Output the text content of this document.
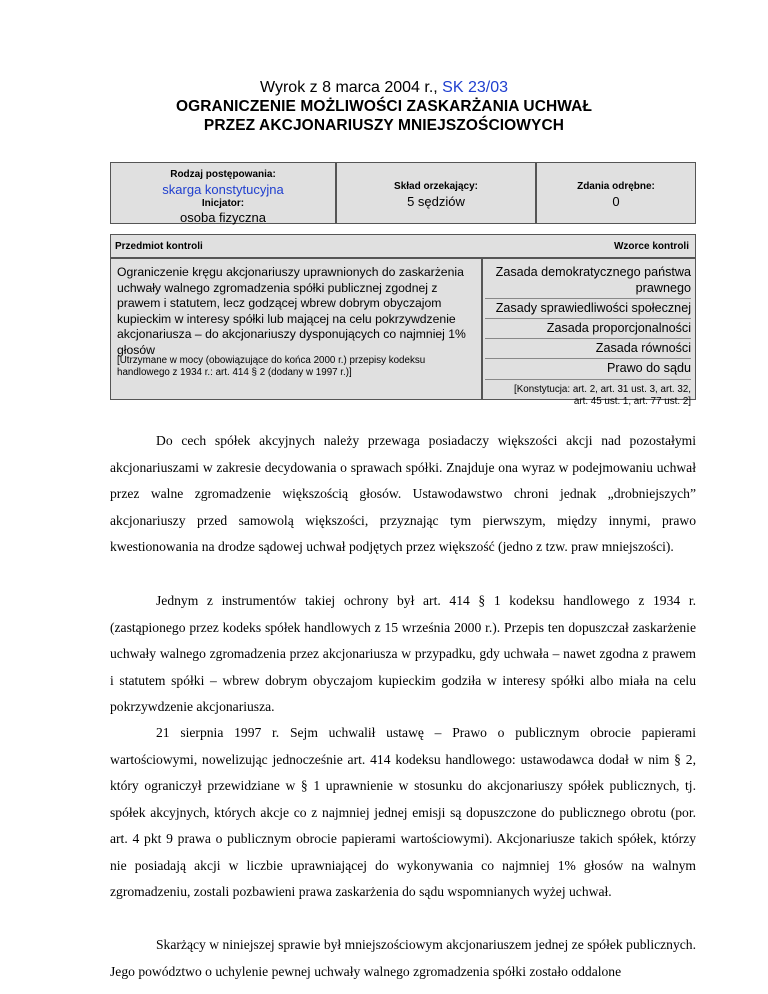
Wyrok z 8 marca 2004 r., SK 23/03
OGRANICZENIE MOŻLIWOŚCI ZASKARŻANIA UCHWAŁ
PRZEZ AKCJONARIUSZY MNIEJSZOŚCIOWYCH
Rodzaj postępowania:
skarga konstytucyjna
Inicjator:
osoba fizyczna
Skład orzekający:
5 sędziów
Zdania odrębne:
0
Przedmiot kontroli	Wzorce kontroli
Ograniczenie kręgu akcjonariuszy uprawnionych do zaskarżenia uchwały walnego zgromadzenia spółki publicznej zgodnej z prawem i statutem, lecz godzącej wbrew dobrym obyczajom kupieckim w interesy spółki lub mającej na celu pokrzywdzenie akcjonariusza – do akcjonariuszy dysponujących co najmniej 1% głosów
[Utrzymane w mocy (obowiązujące do końca 2000 r.) przepisy kodeksu handlowego z 1934 r.: art. 414 § 2 (dodany w 1997 r.)]
Zasada demokratycznego państwa prawnego
Zasady sprawiedliwości społecznej
Zasada proporcjonalności
Zasada równości
Prawo do sądu
[Konstytucja: art. 2, art. 31 ust. 3, art. 32, art. 45 ust. 1, art. 77 ust. 2]
Do cech spółek akcyjnych należy przewaga posiadaczy większości akcji nad pozostałymi akcjonariuszami w zakresie decydowania o sprawach spółki. Znajduje ona wyraz w podejmowaniu uchwał przez walne zgromadzenie większością głosów. Ustawodawstwo chroni jednak „drobniejszych” akcjonariuszy przed samowolą większości, przyznając tym pierwszym, między innymi, prawo kwestionowania na drodze sądowej uchwał podjętych przez większość (jedno z tzw. praw mniejszości).
Jednym z instrumentów takiej ochrony był art. 414 § 1 kodeksu handlowego z 1934 r. (zastąpionego przez kodeks spółek handlowych z 15 września 2000 r.). Przepis ten dopuszczał zaskarżenie uchwały walnego zgromadzenia przez akcjonariusza w przypadku, gdy uchwała – nawet zgodna z prawem i statutem spółki – wbrew dobrym obyczajom kupieckim godziła w interesy spółki albo miała na celu pokrzywdzenie akcjonariusza.
21 sierpnia 1997 r. Sejm uchwalił ustawę – Prawo o publicznym obrocie papierami wartościowymi, nowelizując jednocześnie art. 414 kodeksu handlowego: ustawodawca dodał w nim § 2, który ograniczył przewidziane w § 1 uprawnienie w stosunku do akcjonariuszy spółek publicznych, tj. spółek akcyjnych, których akcje co z najmniej jednej emisji są dopuszczone do publicznego obrotu (por. art. 4 pkt 9 prawa o publicznym obrocie papierami wartościowymi). Akcjonariusze takich spółek, którzy nie posiadają akcji w liczbie uprawniającej do wykonywania co najmniej 1% głosów na walnym zgromadzeniu, zostali pozbawieni prawa zaskarżenia do sądu wspomnianych wyżej uchwał.
Skarżący w niniejszej sprawie był mniejszościowym akcjonariuszem jednej ze spółek publicznych. Jego powództwo o uchylenie pewnej uchwały walnego zgromadzenia spółki zostało oddalone
